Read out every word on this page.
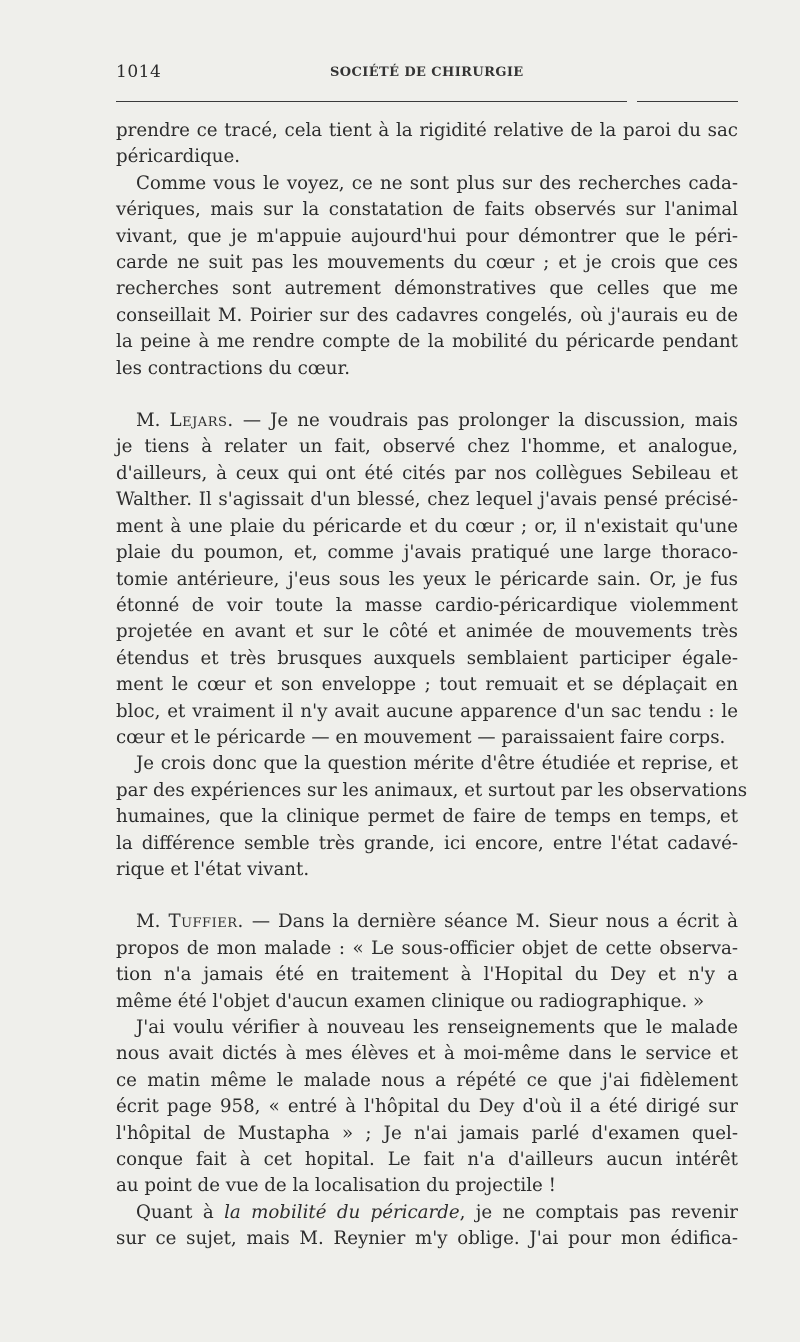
1014	SOCIÉTÉ DE CHIRURGIE
prendre ce tracé, cela tient à la rigidité relative de la paroi du sac
péricardique.
Comme vous le voyez, ce ne sont plus sur des recherches cada-
vériques, mais sur la constatation de faits observés sur l'animal
vivant, que je m'appuie aujourd'hui pour démontrer que le péri-
carde ne suit pas les mouvements du cœur ; et je crois que ces
recherches sont autrement démonstratives que celles que me
conseillait M. Poirier sur des cadavres congelés, où j'aurais eu de
la peine à me rendre compte de la mobilité du péricarde pendant
les contractions du cœur.
M. Lejars. — Je ne voudrais pas prolonger la discussion, mais
je tiens à relater un fait, observé chez l'homme, et analogue,
d'ailleurs, à ceux qui ont été cités par nos collègues Sebileau et
Walther. Il s'agissait d'un blessé, chez lequel j'avais pensé précisé-
ment à une plaie du péricarde et du cœur ; or, il n'existait qu'une
plaie du poumon, et, comme j'avais pratiqué une large thoraco-
tomie antérieure, j'eus sous les yeux le péricarde sain. Or, je fus
étonné de voir toute la masse cardio-péricardique violemment
projetée en avant et sur le côté et animée de mouvements très
étendus et très brusques auxquels semblaient participer égale-
ment le cœur et son enveloppe ; tout remuait et se déplaçait en
bloc, et vraiment il n'y avait aucune apparence d'un sac tendu : le
cœur et le péricarde — en mouvement — paraissaient faire corps.
Je crois donc que la question mérite d'être étudiée et reprise, et
par des expériences sur les animaux, et surtout par les observations
humaines, que la clinique permet de faire de temps en temps, et
la différence semble très grande, ici encore, entre l'état cadavé-
rique et l'état vivant.
M. Tuffier. — Dans la dernière séance M. Sieur nous a écrit à
propos de mon malade : « Le sous-officier objet de cette observa-
tion n'a jamais été en traitement à l'Hopital du Dey et n'y a
même été l'objet d'aucun examen clinique ou radiographique. »
J'ai voulu vérifier à nouveau les renseignements que le malade
nous avait dictés à mes élèves et à moi-même dans le service et
ce matin même le malade nous a répété ce que j'ai fidèlement
écrit page 958, « entré à l'hôpital du Dey d'où il a été dirigé sur
l'hôpital de Mustapha » ; Je n'ai jamais parlé d'examen quel-
conque fait à cet hopital. Le fait n'a d'ailleurs aucun intérêt
au point de vue de la localisation du projectile !
Quant à la mobilité du péricarde, je ne comptais pas revenir
sur ce sujet, mais M. Reynier m'y oblige. J'ai pour mon édifica-
